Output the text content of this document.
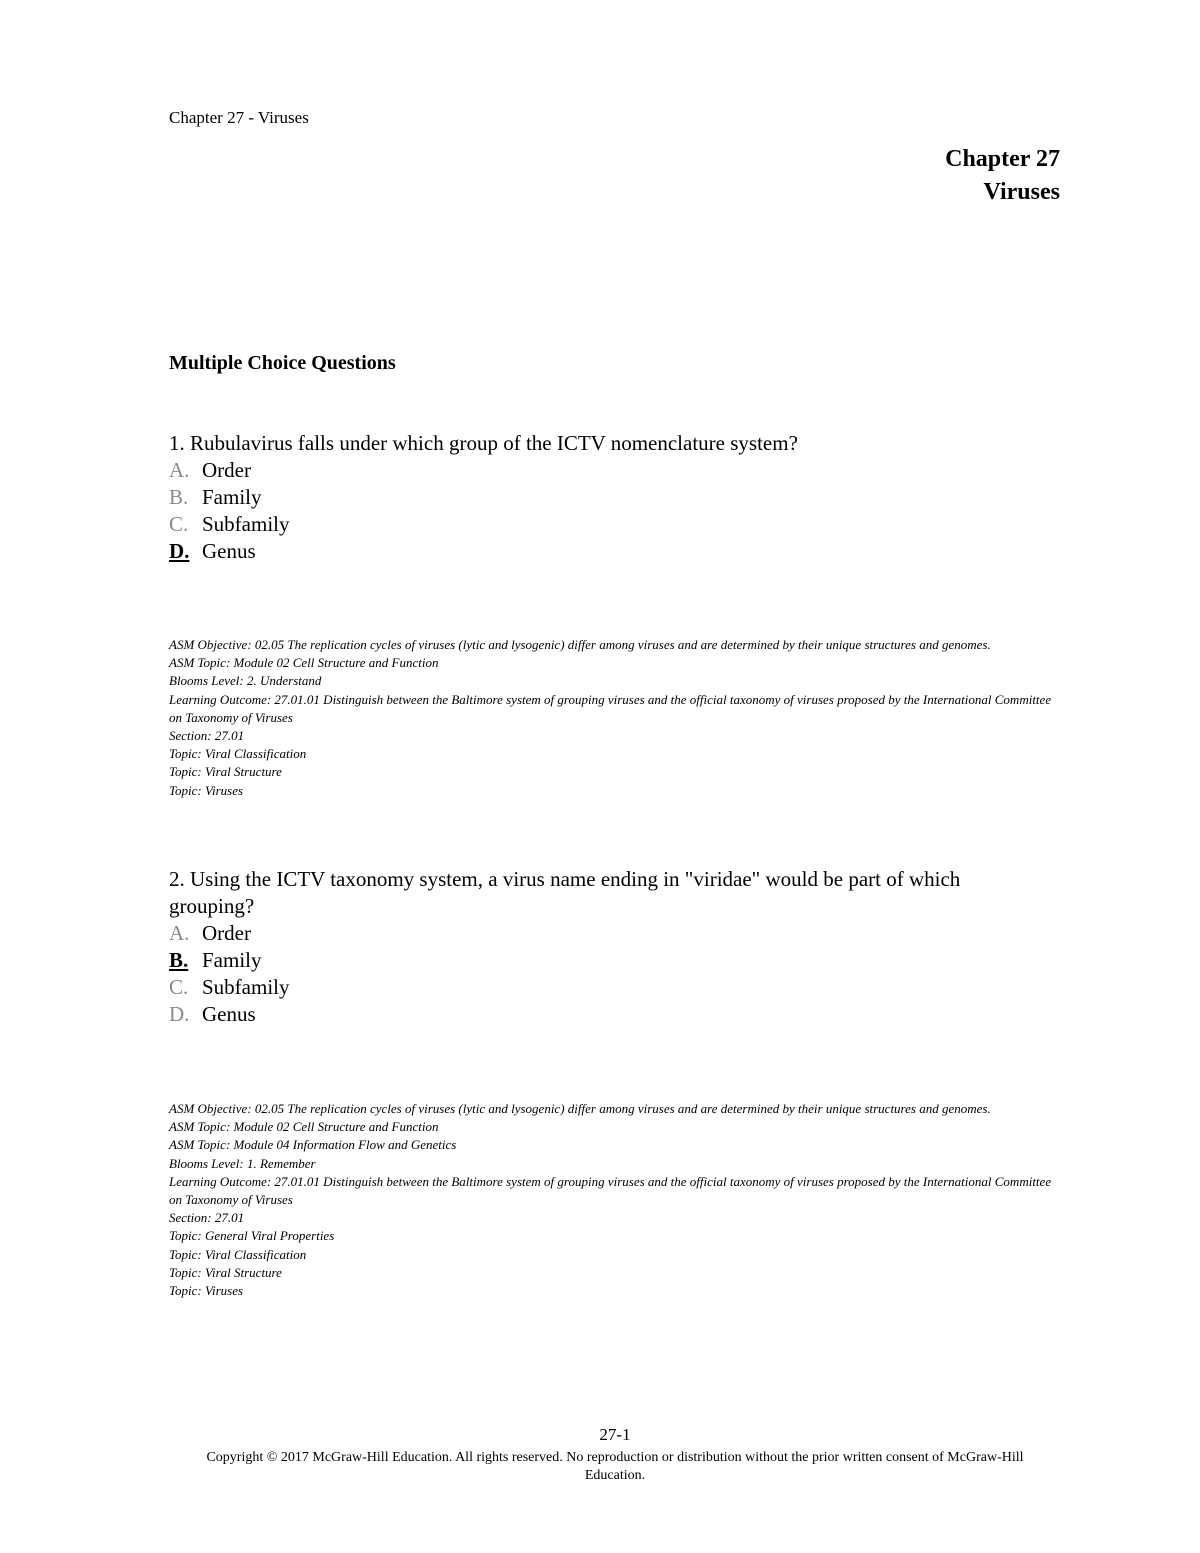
Chapter 27 - Viruses
Chapter 27
Viruses
Multiple Choice Questions
1. Rubulavirus falls under which group of the ICTV nomenclature system?
A. Order
B. Family
C. Subfamily
D. Genus
ASM Objective: 02.05 The replication cycles of viruses (lytic and lysogenic) differ among viruses and are determined by their unique structures and genomes.
ASM Topic: Module 02 Cell Structure and Function
Blooms Level: 2. Understand
Learning Outcome: 27.01.01 Distinguish between the Baltimore system of grouping viruses and the official taxonomy of viruses proposed by the International Committee on Taxonomy of Viruses
Section: 27.01
Topic: Viral Classification
Topic: Viral Structure
Topic: Viruses
2. Using the ICTV taxonomy system, a virus name ending in "viridae" would be part of which grouping?
A. Order
B. Family
C. Subfamily
D. Genus
ASM Objective: 02.05 The replication cycles of viruses (lytic and lysogenic) differ among viruses and are determined by their unique structures and genomes.
ASM Topic: Module 02 Cell Structure and Function
ASM Topic: Module 04 Information Flow and Genetics
Blooms Level: 1. Remember
Learning Outcome: 27.01.01 Distinguish between the Baltimore system of grouping viruses and the official taxonomy of viruses proposed by the International Committee on Taxonomy of Viruses
Section: 27.01
Topic: General Viral Properties
Topic: Viral Classification
Topic: Viral Structure
Topic: Viruses
27-1
Copyright © 2017 McGraw-Hill Education. All rights reserved. No reproduction or distribution without the prior written consent of McGraw-Hill Education.
